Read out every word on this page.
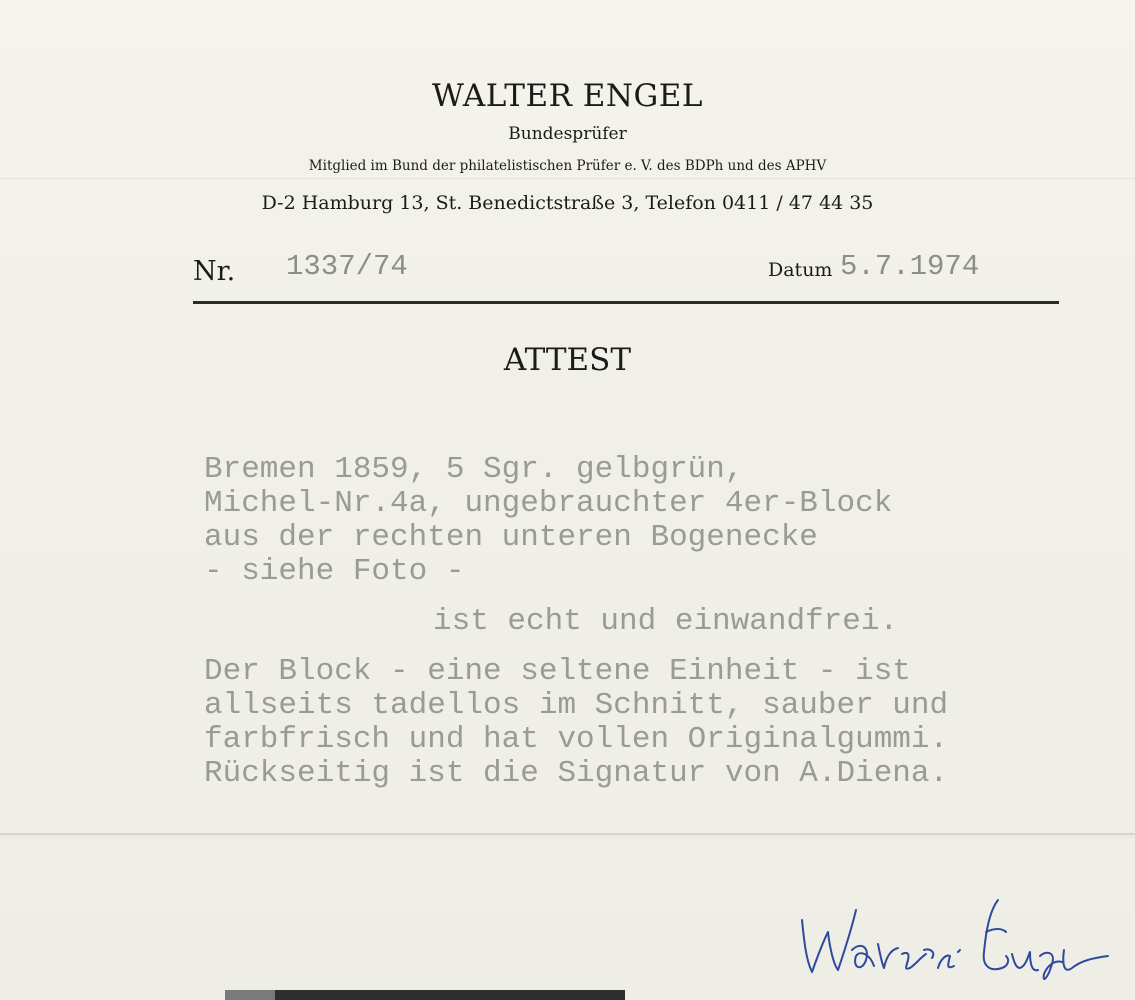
WALTER ENGEL
Bundesprüfer
Mitglied im Bund der philatelistischen Prüfer e. V. des BDPh und des APHV
D-2 Hamburg 13, St. Benedictstraße 3, Telefon 0411 / 47 44 35
Nr. 1337/74	Datum 5.7.1974
ATTEST
Bremen 1859, 5 Sgr. gelbgrün,
Michel-Nr.4a, ungebrauchter 4er-Block
aus der rechten unteren Bogenecke
- siehe Foto -
ist echt und einwandfrei.
Der Block - eine seltene Einheit - ist
allseits tadellos im Schnitt, sauber und
farbfrisch und hat vollen Originalgummi.
Rückseitig ist die Signatur von A.Diena.
